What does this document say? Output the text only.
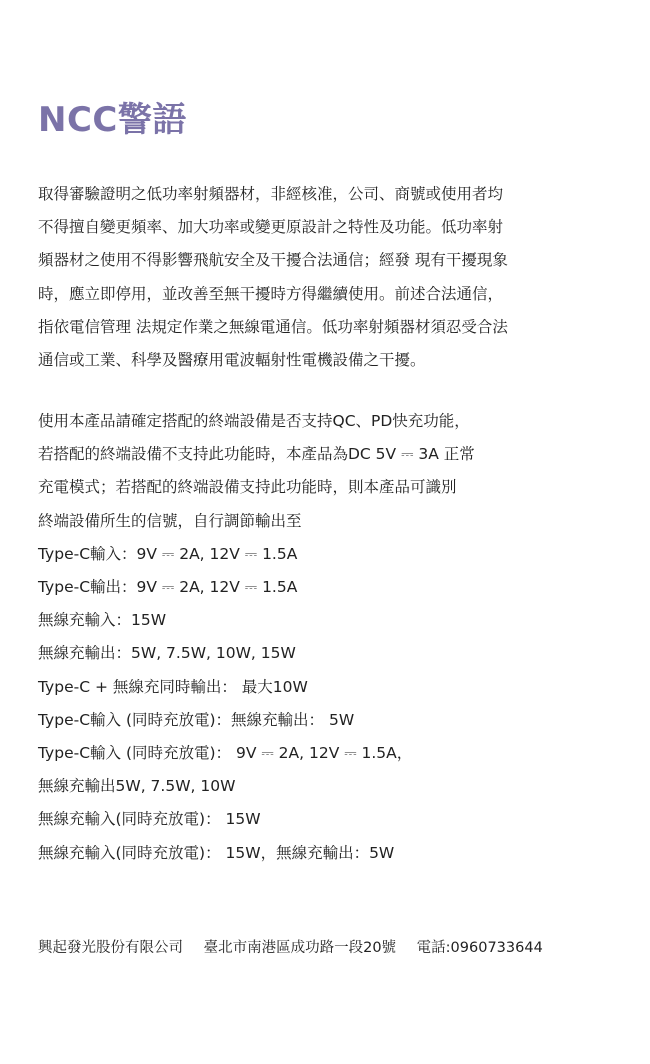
NCC警語
取得審驗證明之低功率射頻器材，非經核准，公司、商號或使用者均
不得擅自變更頻率、加大功率或變更原設計之特性及功能。低功率射
頻器材之使用不得影響飛航安全及干擾合法通信；經發 現有干擾現象
時，應立即停用，並改善至無干擾時方得繼續使用。前述合法通信，
指依電信管理 法規定作業之無線電通信。低功率射頻器材須忍受合法
通信或工業、科學及醫療用電波輻射性電機設備之干擾。
使用本產品請確定搭配的終端設備是否支持QC、PD快充功能，
若搭配的終端設備不支持此功能時，本產品為DC 5V ⎓ 3A 正常
充電模式；若搭配的終端設備支持此功能時，則本產品可識別
終端設備所生的信號，自行調節輸出至
Type-C輸入：9V ⎓ 2A, 12V ⎓ 1.5A
Type-C輸出：9V ⎓ 2A, 12V ⎓ 1.5A
無線充輸入：15W
無線充輸出：5W, 7.5W, 10W, 15W
Type-C + 無線充同時輸出： 最大10W
Type-C輸入 (同時充放電)：無線充輸出： 5W
Type-C輸入 (同時充放電)： 9V ⎓ 2A, 12V ⎓ 1.5A，
無線充輸出5W, 7.5W, 10W
無線充輸入(同時充放電)： 15W
無線充輸入(同時充放電)： 15W，無線充輸出：5W
興起發光股份有限公司 臺北市南港區成功路一段20號 電話:0960733644
